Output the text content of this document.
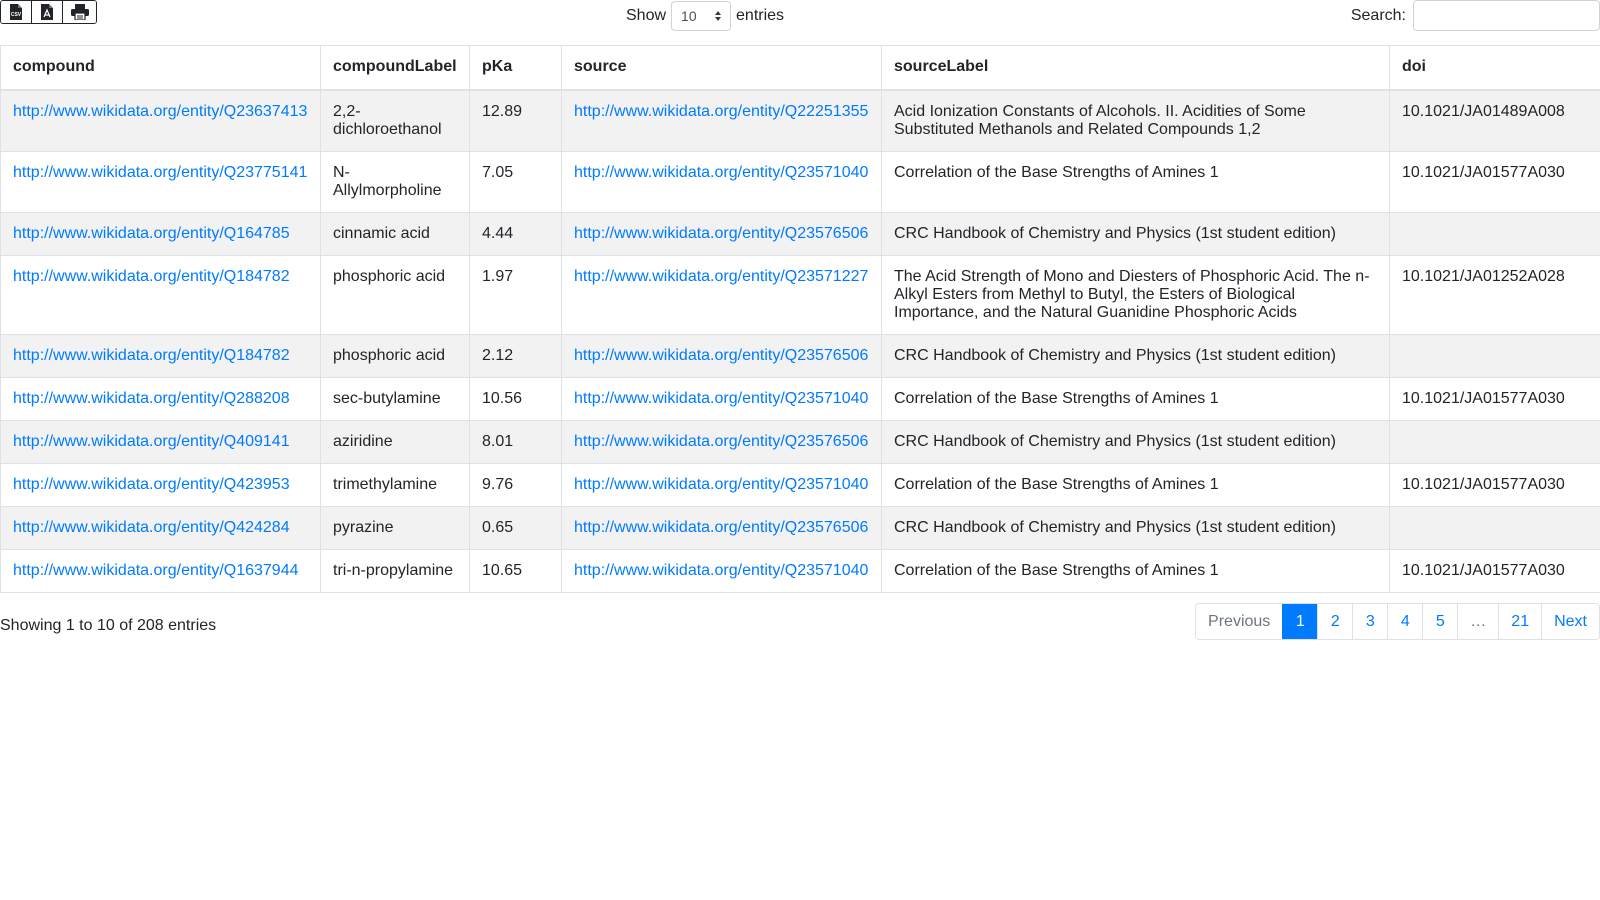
CSV	Show 10 entries	Search:
compound	compoundLabel	pKa	source	sourceLabel	doi
http://www.wikidata.org/entity/Q23637413	2,2-dichloroethanol	12.89	http://www.wikidata.org/entity/Q22251355	Acid Ionization Constants of Alcohols. II. Acidities of Some Substituted Methanols and Related Compounds 1,2	10.1021/JA01489A008
http://www.wikidata.org/entity/Q23775141	N-Allylmorpholine	7.05	http://www.wikidata.org/entity/Q23571040	Correlation of the Base Strengths of Amines 1	10.1021/JA01577A030
http://www.wikidata.org/entity/Q164785	cinnamic acid	4.44	http://www.wikidata.org/entity/Q23576506	CRC Handbook of Chemistry and Physics (1st student edition)	
http://www.wikidata.org/entity/Q184782	phosphoric acid	1.97	http://www.wikidata.org/entity/Q23571227	The Acid Strength of Mono and Diesters of Phosphoric Acid. The n-Alkyl Esters from Methyl to Butyl, the Esters of Biological Importance, and the Natural Guanidine Phosphoric Acids	10.1021/JA01252A028
http://www.wikidata.org/entity/Q184782	phosphoric acid	2.12	http://www.wikidata.org/entity/Q23576506	CRC Handbook of Chemistry and Physics (1st student edition)	
http://www.wikidata.org/entity/Q288208	sec-butylamine	10.56	http://www.wikidata.org/entity/Q23571040	Correlation of the Base Strengths of Amines 1	10.1021/JA01577A030
http://www.wikidata.org/entity/Q409141	aziridine	8.01	http://www.wikidata.org/entity/Q23576506	CRC Handbook of Chemistry and Physics (1st student edition)	
http://www.wikidata.org/entity/Q423953	trimethylamine	9.76	http://www.wikidata.org/entity/Q23571040	Correlation of the Base Strengths of Amines 1	10.1021/JA01577A030
http://www.wikidata.org/entity/Q424284	pyrazine	0.65	http://www.wikidata.org/entity/Q23576506	CRC Handbook of Chemistry and Physics (1st student edition)	
http://www.wikidata.org/entity/Q1637944	tri-n-propylamine	10.65	http://www.wikidata.org/entity/Q23571040	Correlation of the Base Strengths of Amines 1	10.1021/JA01577A030
Showing 1 to 10 of 208 entries	Previous	1	2	3	4	5	…	21	Next
